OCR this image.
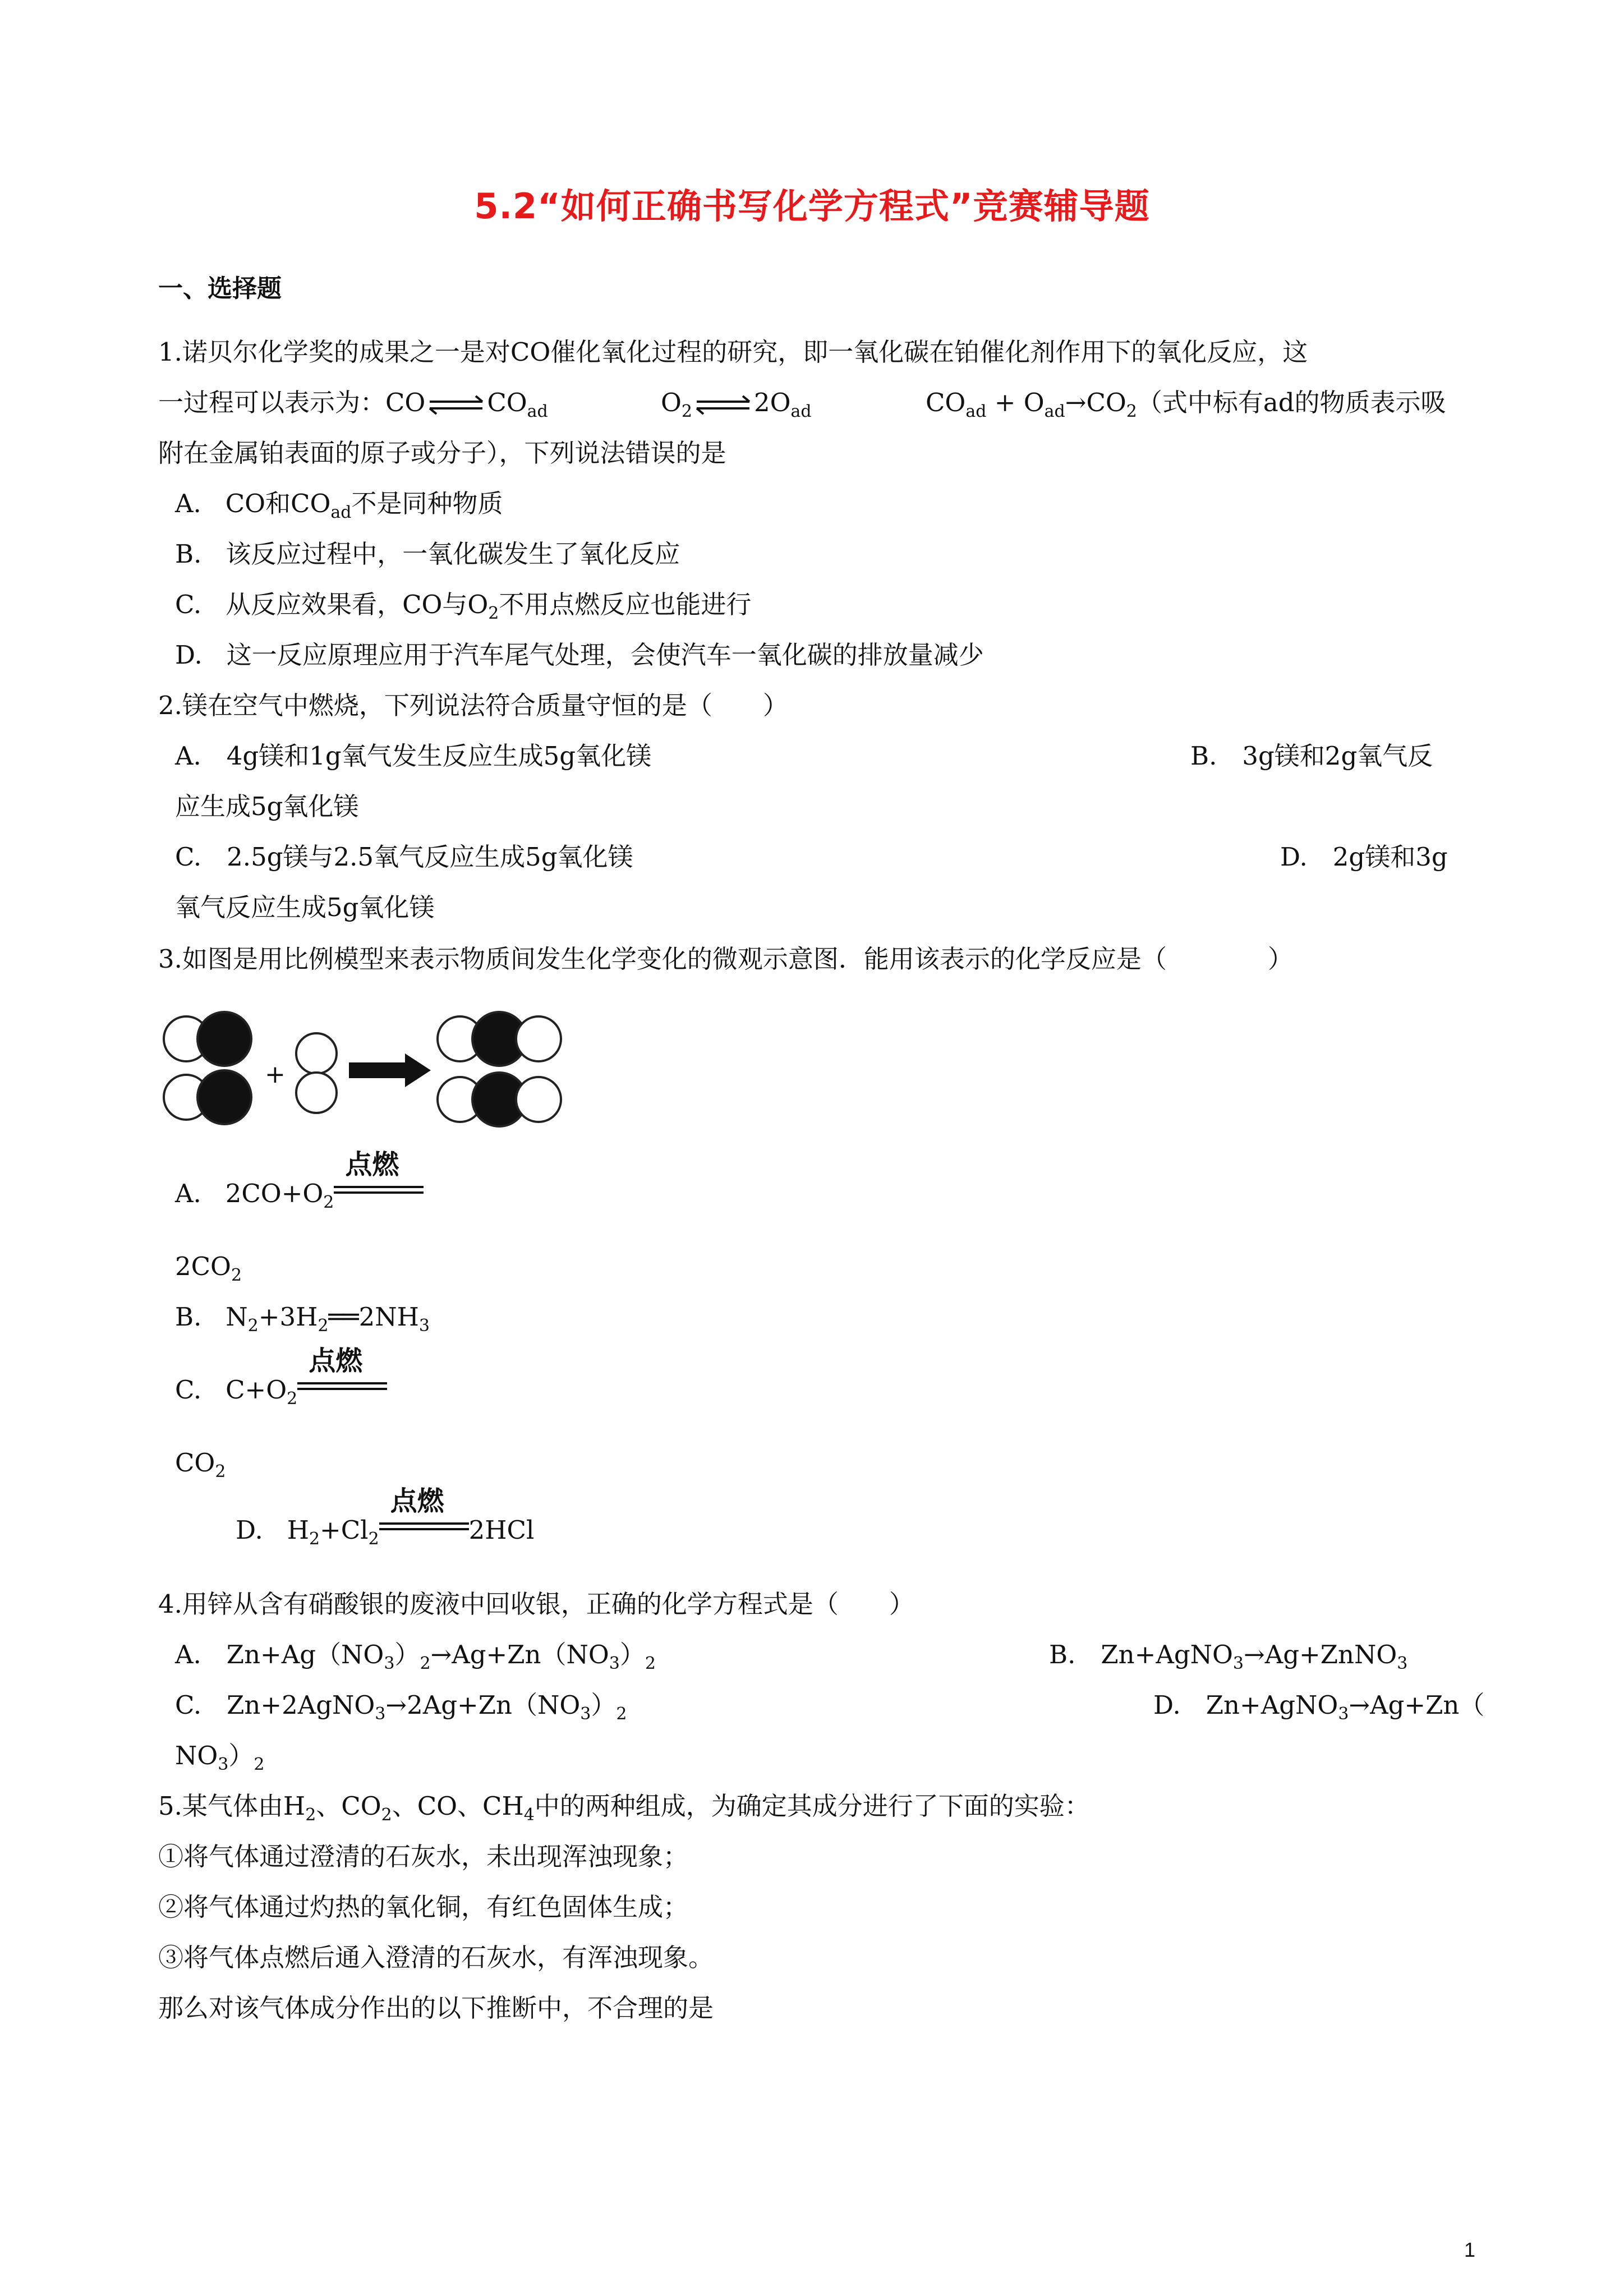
5.2“如何正确书写化学方程式”竞赛辅导题
一、选择题
1.诺贝尔化学奖的成果之一是对CO催化氧化过程的研究，即一氧化碳在铂催化剂作用下的氧化反应，这
一过程可以表示为：$CO\rightleftharpoons CO_{ad}$	$O_2\rightleftharpoons 2O_{ad}$	$CO_{ad} + O_{ad}\to CO_2$（式中标有ad的物质表示吸
附在金属铂表面的原子或分子），下列说法错误的是
A. CO和$CO_{ad}$不是同种物质
B. 该反应过程中，一氧化碳发生了氧化反应
C. 从反应效果看，CO与$O_2$不用点燃反应也能进行
D. 这一反应原理应用于汽车尾气处理，会使汽车一氧化碳的排放量减少
2.镁在空气中燃烧，下列说法符合质量守恒的是（　　）
A.　4g镁和1g氧气发生反应生成5g氧化镁	B.　3g镁和2g氧气反
应生成5g氧化镁
C.　2.5g镁与2.5氧气反应生成5g氧化镁	D.　2g镁和3g
氧气反应生成5g氧化镁
3.如图是用比例模型来表示物质间发生化学变化的微观示意图．能用该表示的化学反应是（　　　　）
+
A. $2CO+O_2$
点燃
$2CO_2$
B. $N_2+3H_2══2NH_3$
C. $C+O_2$
点燃
$CO_2$
D. $H_2+Cl_2$
点燃
2HCl
4.用锌从含有硝酸银的废液中回收银，正确的化学方程式是（　　）
A.　$Zn+Ag(NO_3)_2\to Ag+Zn(NO_3)_2$	B.　Zn+AgNO$_3$→Ag+ZnNO$_3$
C.　$Zn+2AgNO_3\to 2Ag+Zn(NO_3)_2$	D.　Zn+AgNO$_3$→Ag+Zn（
$NO_3)_2$
5.某气体由$H_2$、$CO_2$、CO、$CH_4$中的两种组成，为确定其成分进行了下面的实验：
①将气体通过澄清的石灰水，未出现浑浊现象；
②将气体通过灼热的氧化铜，有红色固体生成；
③将气体点燃后通入澄清的石灰水，有浑浊现象。
那么对该气体成分作出的以下推断中，不合理的是
1
